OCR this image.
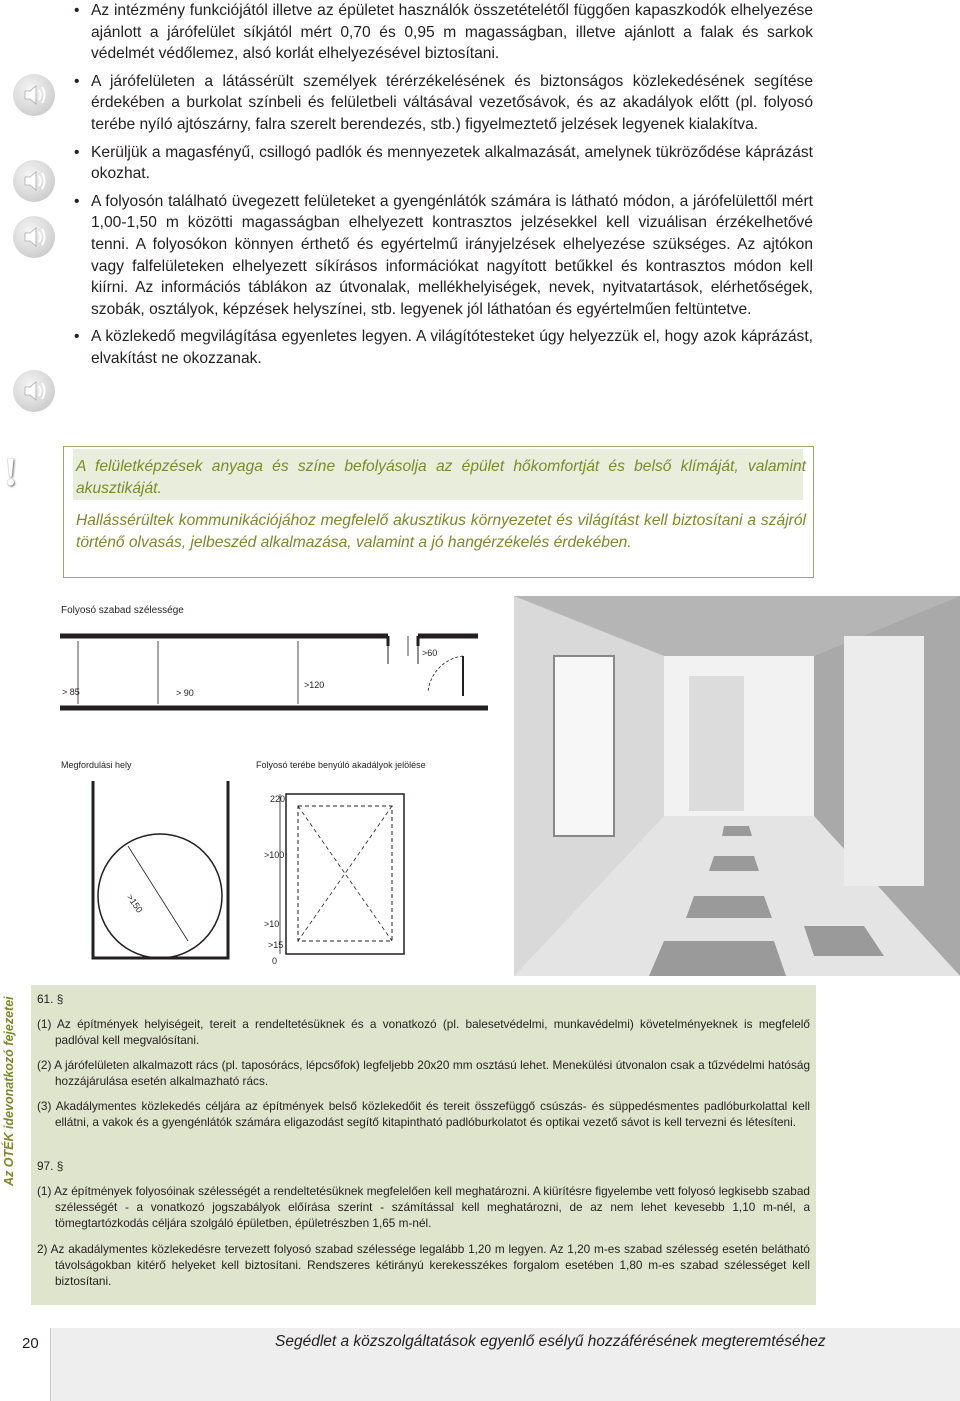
• Az intézmény funkciójától illetve az épületet használók összetételétől függően kapaszkodók elhelyezése ajánlott a járófelület síkjától mért 0,70 és 0,95 m magasságban, illetve ajánlott a falak és sarkok védelmét védőlemez, alsó korlát elhelyezésével biztosítani.
• A járófelületen a látássérült személyek térérzékelésének és biztonságos közlekedésének segítése érdekében a burkolat színbeli és felületbeli váltásával vezetősávok, és az akadályok előtt (pl. folyosó terébe nyíló ajtószárny, falra szerelt berendezés, stb.) figyelmeztető jelzések legyenek kialakítva.
• Kerüljük a magasfényű, csillogó padlók és mennyezetek alkalmazását, amelynek tükröződése káprázást okozhat.
• A folyosón található üvegezett felületeket a gyengénlátók számára is látható módon, a járófelülettől mért 1,00-1,50 m közötti magasságban elhelyezett kontrasztos jelzésekkel kell vizuálisan érzékelhetővé tenni. A folyosókon könnyen érthető és egyértelmű irányjelzések elhelyezése szükséges. Az ajtókon vagy falfelületeken elhelyezett síkírásos információkat nagyított betűkkel és kontrasztos módon kell kiírni. Az információs táblákon az útvonalak, mellékhelyiségek, nevek, nyitvatartások, elérhetőségek, szobák, osztályok, képzések helyszínei, stb. legyenek jól láthatóan és egyértelműen feltüntetve.
• A közlekedő megvilágítása egyenletes legyen. A világítótesteket úgy helyezzük el, hogy azok káprázást, elvakítást ne okozzanak.
!	A felületképzések anyaga és színe befolyásolja az épület hőkomfortját és belső klímáját, valamint akusztikáját.

Hallássérültek kommunikációjához megfelelő akusztikus környezetet és világítást kell biztosítani a szájról történő olvasás, jelbeszéd alkalmazása, valamint a jó hangérzékelés érdekében.

Folyosó szabad szélessége
>60
> 85	> 90
>120
Megfordulási hely	Folyosó terébe benyúló akadályok jelölése
>150
220
>100
>10
>15
0
Az OTÉK idevonatkozó fejezetei	61. §

(1) Az építmények helyiségeit, tereit a rendeltetésüknek és a vonatkozó (pl. balesetvédelmi, munkavédelmi) követelményeknek is megfelelő padlóval kell megvalósítani.

(2) A járófelületen alkalmazott rács (pl. taposórács, lépcsőfok) legfeljebb 20x20 mm osztású lehet. Menekülési útvonalon csak a tűzvédelmi hatóság hozzájárulása esetén alkalmazható rács.

(3) Akadálymentes közlekedés céljára az építmények belső közlekedőit és tereit összefüggő csúszás- és süppedésmentes padlóburkolattal kell ellátni, a vakok és a gyengénlátók számára eligazodást segítő kitapintható padlóburkolatot és optikai vezető sávot is kell tervezni és létesíteni.

97. §

(1) Az építmények folyosóinak szélességét a rendeltetésüknek megfelelően kell meghatározni. A kiürítésre figyelembe vett folyosó legkisebb szabad szélességét - a vonatkozó jogszabályok előírása szerint - számítással kell meghatározni, de az nem lehet kevesebb 1,10 m-nél, a tömegtartózkodás céljára szolgáló épületben, épületrészben 1,65 m-nél.

2) Az akadálymentes közlekedésre tervezett folyosó szabad szélessége legalább 1,20 m legyen. Az 1,20 m-es szabad szélesség esetén belátható távolságokban kitérő helyeket kell biztosítani. Rendszeres kétirányú kerekesszékes forgalom esetében 1,80 m-es szabad szélességet kell biztosítani.

20	Segédlet a közszolgáltatások egyenlő esélyű hozzáférésének megteremtéséhez
